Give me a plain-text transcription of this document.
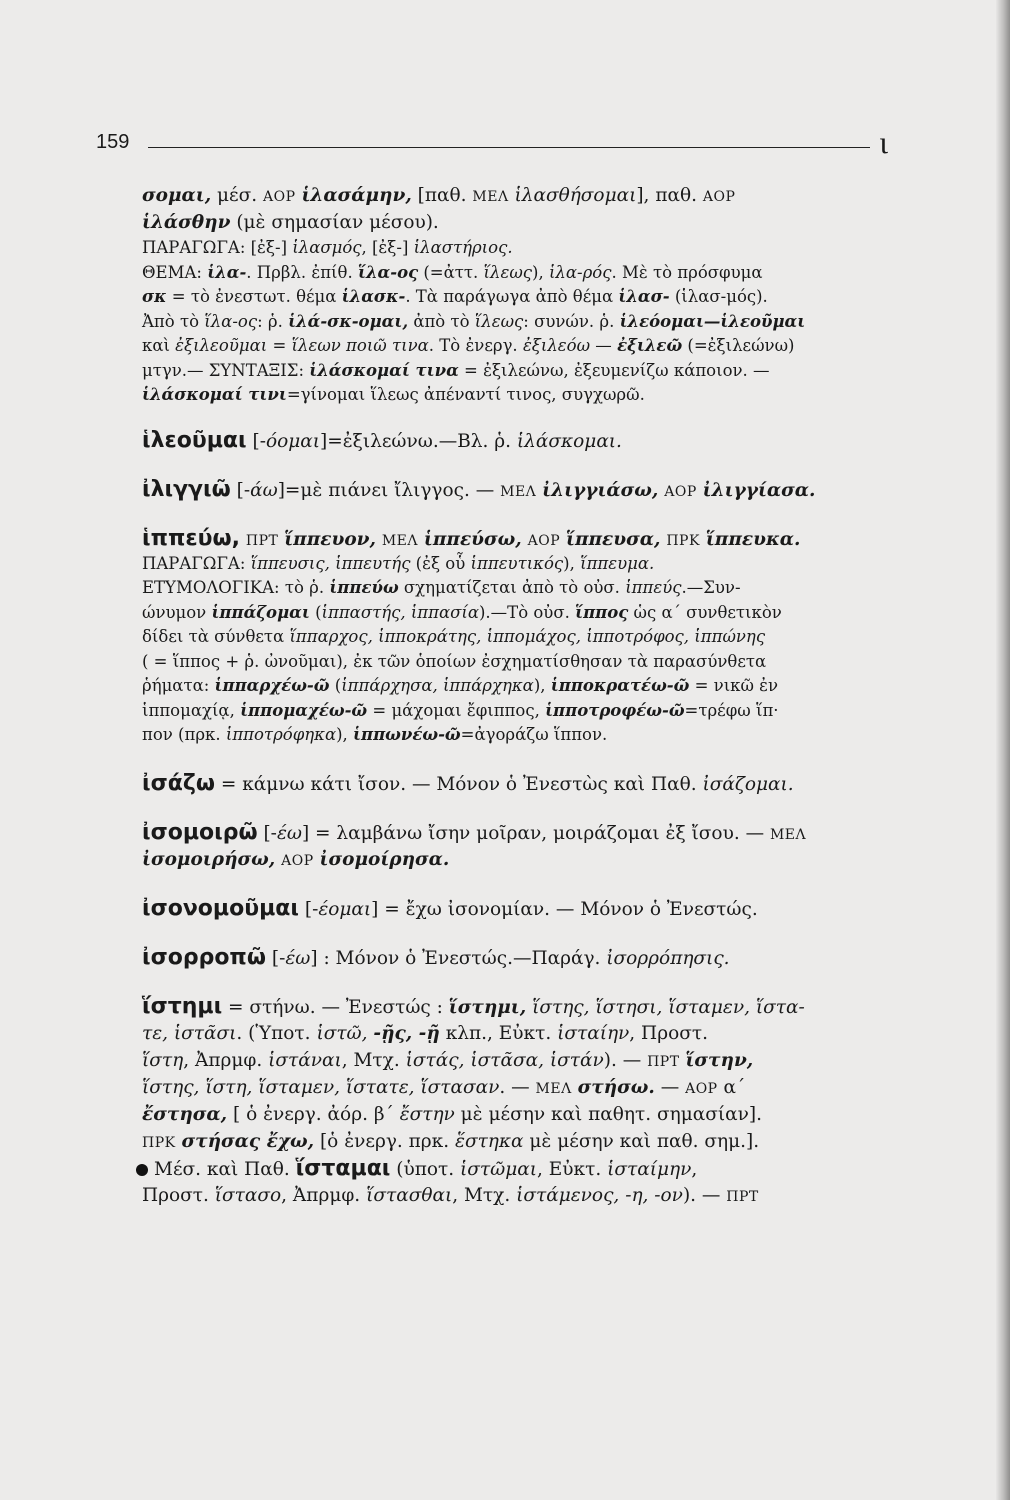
159	ι
σομαι, μέσ. ΑΟΡ ἱλασάμην, [παθ. ΜΕΛ ἱλασθήσομαι], παθ. ΑΟΡ
ἱλάσθην (μὲ σημασίαν μέσου).
ΠΑΡΑΓΩΓΑ: [ἐξ-] ἱλασμός, [ἐξ-] ἱλαστήριος.
ΘΕΜΑ: ἱλα-. Πρβλ. ἐπίθ. ἵλα-ος (=ἀττ. ἵλεως), ἱλα-ρός. Μὲ τὸ πρόσφυμα
σκ = τὸ ἐνεστωτ. θέμα ἱλασκ-. Τὰ παράγωγα ἀπὸ θέμα ἱλασ- (ἱλασ-μός).
Ἀπὸ τὸ ἵλα-ος: ῥ. ἱλά-σκ-ομαι, ἀπὸ τὸ ἵλεως: συνών. ῥ. ἱλεόομαι—ἱλεοῦμαι
καὶ ἐξιλεοῦμαι = ἵλεων ποιῶ τινα. Τὸ ἐνεργ. ἐξιλεόω — ἐξιλεῶ (=ἐξιλεώνω)
μτγν.— ΣΥΝΤΑΞΙΣ: ἱλάσκομαί τινα = ἐξιλεώνω, ἐξευμενίζω κάποιον. —
ἱλάσκομαί τινι=γίνομαι ἵλεως ἀπέναντί τινος, συγχωρῶ.
ἱλεοῦμαι [-όομαι]=ἐξιλεώνω.—Βλ. ῥ. ἱλάσκομαι.
ἰλιγγιῶ [-άω]=μὲ πιάνει ἴλιγγος. — ΜΕΛ ἰλιγγιάσω, ΑΟΡ ἰλιγγίασα.
ἱππεύω, ΠΡΤ ἵππευον, ΜΕΛ ἱππεύσω, ΑΟΡ ἵππευσα, ΠΡΚ ἵππευκα.
ΠΑΡΑΓΩΓΑ: ἵππευσις, ἱππευτής (ἐξ οὗ ἱππευτικός), ἵππευμα.
ΕΤΥΜΟΛΟΓΙΚΑ: τὸ ῥ. ἱππεύω σχηματίζεται ἀπὸ τὸ οὐσ. ἱππεύς.—Συν-
ώνυμον ἱππάζομαι (ἱππαστής, ἱππασία).—Τὸ οὐσ. ἵππος ὡς α΄ συνθετικὸν
δίδει τὰ σύνθετα ἵππαρχος, ἱπποκράτης, ἱππομάχος, ἱπποτρόφος, ἱππώνης
( = ἵππος + ῥ. ὠνοῦμαι), ἐκ τῶν ὁποίων ἐσχηματίσθησαν τὰ παρασύνθετα
ῥήματα: ἱππαρχέω-ῶ (ἱππάρχησα, ἱππάρχηκα), ἱπποκρατέω-ῶ = νικῶ ἐν
ἱππομαχίᾳ, ἱππομαχέω-ῶ = μάχομαι ἔφιππος, ἱπποτροφέω-ῶ=τρέφω ἵπ·
πον (πρκ. ἱπποτρόφηκα), ἱππωνέω-ῶ=ἀγοράζω ἵππον.
ἰσάζω = κάμνω κάτι ἴσον. — Μόνον ὁ Ἐνεστὼς καὶ Παθ. ἰσάζομαι.
ἰσομοιρῶ [-έω] = λαμβάνω ἴσην μοῖραν, μοιράζομαι ἐξ ἴσου. — ΜΕΛ
ἰσομοιρήσω, ΑΟΡ ἰσομοίρησα.
ἰσονομοῦμαι [-έομαι] = ἔχω ἰσονομίαν. — Μόνον ὁ Ἐνεστώς.
ἰσορροπῶ [-έω] : Μόνον ὁ Ἐνεστώς.—Παράγ. ἰσορρόπησις.
ἵστημι = στήνω. — Ἐνεστώς : ἵστημι, ἵστης, ἵστησι, ἵσταμεν, ἵστα-
τε, ἱστᾶσι. (Ὑποτ. ἱστῶ, -ῇς, -ῇ κλπ., Εὐκτ. ἱσταίην, Προστ.
ἵστη, Ἀπρμφ. ἱστάναι, Μτχ. ἱστάς, ἱστᾶσα, ἱστάν). — ΠΡΤ ἵστην,
ἵστης, ἵστη, ἵσταμεν, ἵστατε, ἵστασαν. — ΜΕΛ στήσω. — ΑΟΡ α΄
ἔστησα, [ ὁ ἐνεργ. ἀόρ. β΄ ἔστην μὲ μέσην καὶ παθητ. σημασίαν].
ΠΡΚ στήσας ἔχω, [ὁ ἐνεργ. πρκ. ἕστηκα μὲ μέσην καὶ παθ. σημ.].
Μέσ. καὶ Παθ. ἵσταμαι (ὑποτ. ἱστῶμαι, Εὐκτ. ἱσταίμην,
Προστ. ἵστασο, Ἀπρμφ. ἵστασθαι, Μτχ. ἱστάμενος, -η, -ον). — ΠΡΤ
